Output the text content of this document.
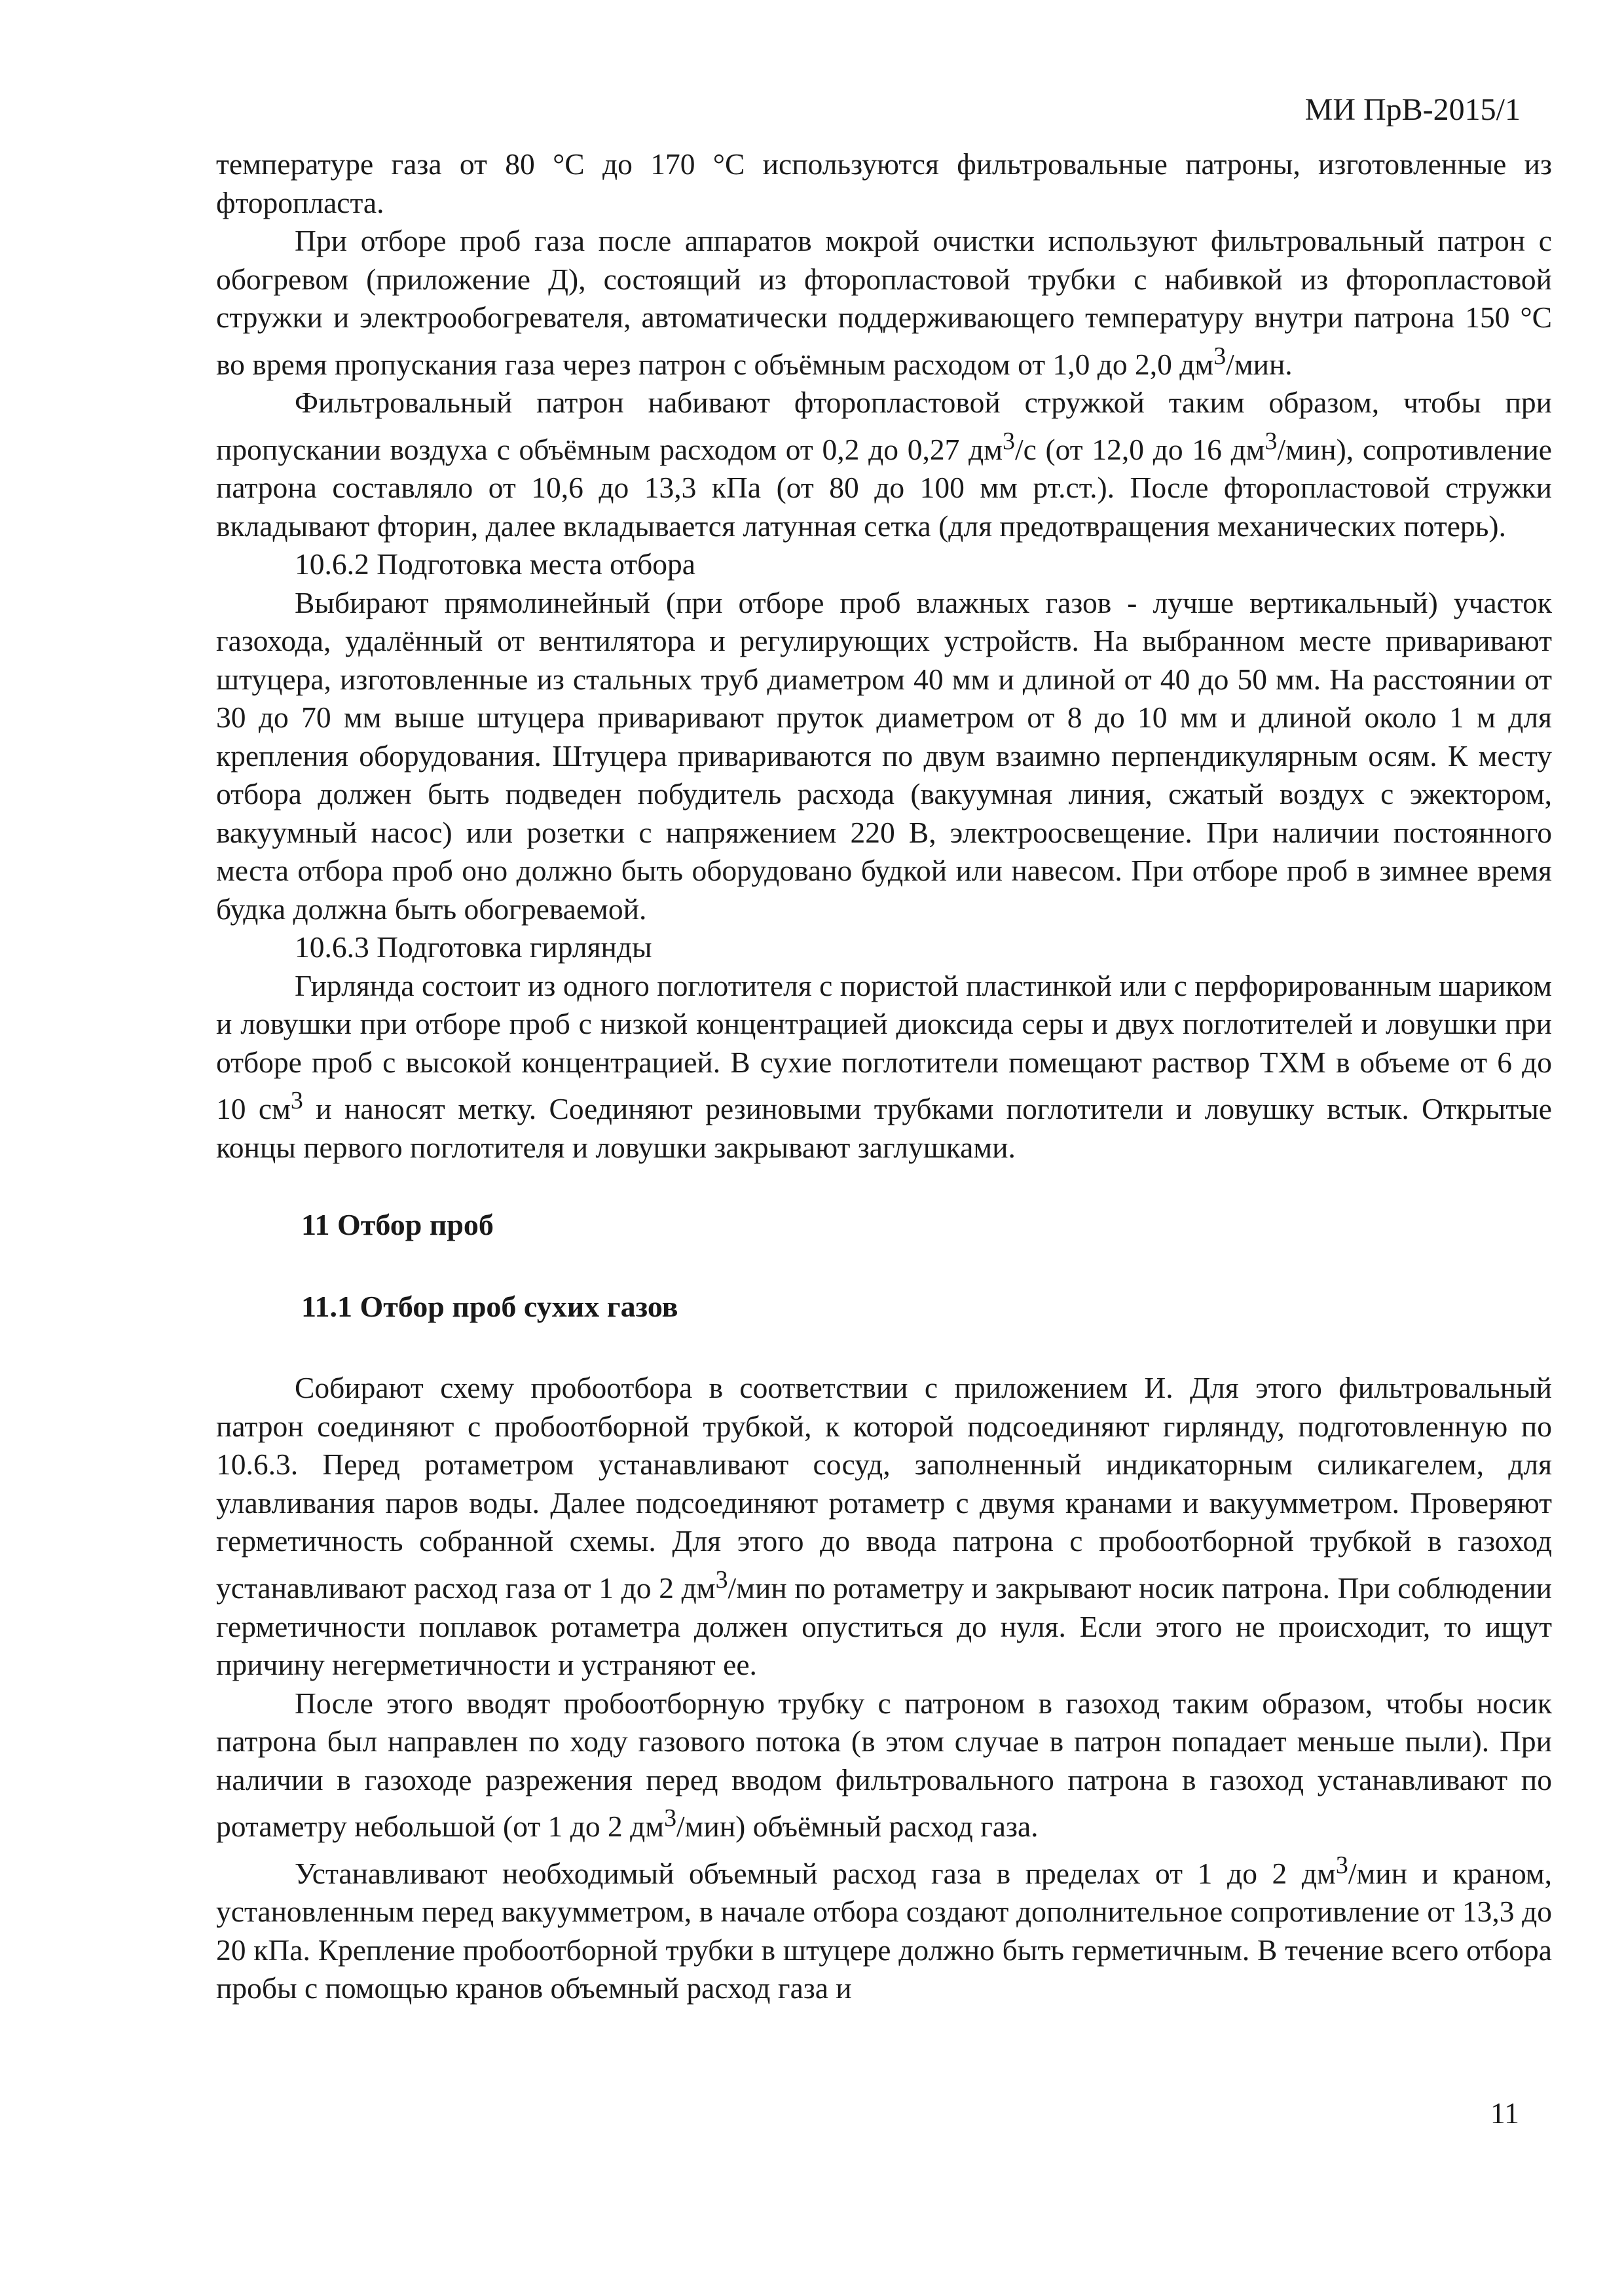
МИ ПрВ-2015/1

температуре газа от 80 °С до 170 °С используются фильтровальные патроны, изготовленные из фторопласта.

При отборе проб газа после аппаратов мокрой очистки используют фильтровальный патрон с обогревом (приложение Д), состоящий из фторопластовой трубки с набивкой из фторопластовой стружки и электрообогревателя, автоматически поддерживающего температуру внутри патрона 150 °С во время пропускания газа через патрон с объёмным расходом от 1,0 до 2,0 $дм^3$/мин.

Фильтровальный патрон набивают фторопластовой стружкой таким образом, чтобы при пропускании воздуха с объёмным расходом от 0,2 до 0,27 $дм^3/с$ (от 12,0 до 16 $дм^3/мин$), сопротивление патрона составляло от 10,6 до 13,3 кПа (от 80 до 100 мм рт.ст.). После фторопластовой стружки вкладывают фторин, далее вкладывается латунная сетка (для предотвращения механических потерь).

10.6.2 Подготовка места отбора

Выбирают прямолинейный (при отборе проб влажных газов - лучше вертикальный) участок газохода, удалённый от вентилятора и регулирующих устройств. На выбранном месте приваривают штуцера, изготовленные из стальных труб диаметром 40 мм и длиной от 40 до 50 мм. На расстоянии от 30 до 70 мм выше штуцера приваривают пруток диаметром от 8 до 10 мм и длиной около 1 м для крепления оборудования. Штуцера привариваются по двум взаимно перпендикулярным осям. К месту отбора должен быть подведен побудитель расхода (вакуумная линия, сжатый воздух с эжектором, вакуумный насос) или розетки с напряжением 220 В, электроосвещение. При наличии постоянного места отбора проб оно должно быть оборудовано будкой или навесом. При отборе проб в зимнее время будка должна быть обогреваемой.

10.6.3 Подготовка гирлянды

Гирлянда состоит из одного поглотителя с пористой пластинкой или с перфорированным шариком и ловушки при отборе проб с низкой концентрацией диоксида серы и двух поглотителей и ловушки при отборе проб с высокой концентрацией. В сухие поглотители помещают раствор ТХМ в объеме от 6 до 10 $см^3$ и наносят метку. Соединяют резиновыми трубками поглотители и ловушку встык. Открытые концы первого поглотителя и ловушки закрывают заглушками.

11 Отбор проб

11.1 Отбор проб сухих газов

Собирают схему пробоотбора в соответствии с приложением И. Для этого фильтровальный патрон соединяют с пробоотборной трубкой, к которой подсоединяют гирлянду, подготовленную по 10.6.3. Перед ротаметром устанавливают сосуд, заполненный индикаторным силикагелем, для улавливания паров воды. Далее подсоединяют ротаметр с двумя кранами и вакуумметром. Проверяют герметичность собранной схемы. Для этого до ввода патрона с пробоотборной трубкой в газоход устанавливают расход газа от 1 до 2 $дм^3$/мин по ротаметру и закрывают носик патрона. При соблюдении герметичности поплавок ротаметра должен опуститься до нуля. Если этого не происходит, то ищут причину негерметичности и устраняют ее.

После этого вводят пробоотборную трубку с патроном в газоход таким образом, чтобы носик патрона был направлен по ходу газового потока (в этом случае в патрон попадает меньше пыли). При наличии в газоходе разрежения перед вводом фильтровального патрона в газоход устанавливают по ротаметру небольшой (от 1 до 2 $дм^3/мин$) объёмный расход газа.

Устанавливают необходимый объемный расход газа в пределах от 1 до 2 $дм^3$/мин и краном, установленным перед вакуумметром, в начале отбора создают дополнительное сопротивление от 13,3 до 20 кПа. Крепление пробоотборной трубки в штуцере должно быть герметичным. В течение всего отбора пробы с помощью кранов объемный расход газа и

11
